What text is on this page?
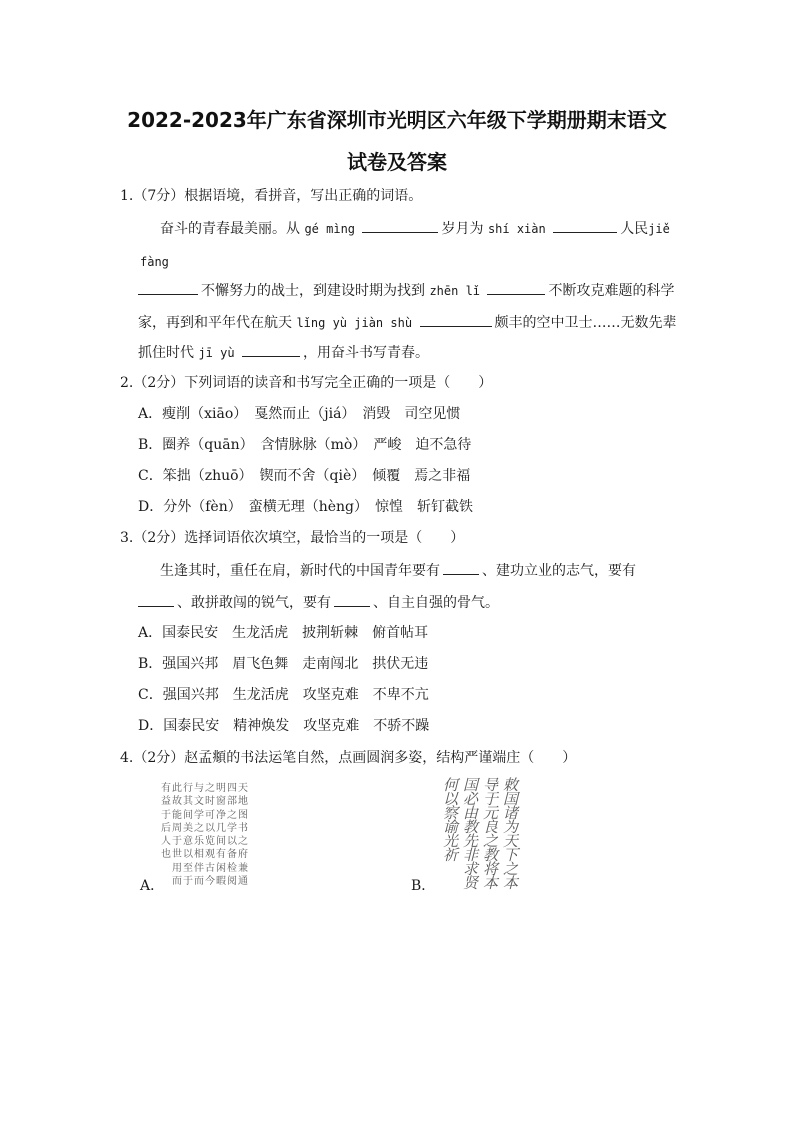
2022-2023年广东省深圳市光明区六年级下学期册期末语文
试卷及答案
1.（7分）根据语境，看拼音，写出正确的词语。
奋斗的青春最美丽。从 gé mìng	岁月为 shí xiàn	人民jiě
fàng
不懈努力的战士，到建设时期为找到 zhēn lǐ	不断攻克难题的科学
家，再到和平年代在航天 lǐng yù jiàn shù	颇丰的空中卫士……无数先辈
抓住时代 jī yù	，用奋斗书写青春。
2.（2分）下列词语的读音和书写完全正确的一项是（　　）
A．瘦削（xiāo）　戛然而止（jiá）　消毁　司空见惯
B．圈养（quān）　含情脉脉（mò）　严峻　迫不急待
C．笨拙（zhuō）　锲而不舍（qiè）　倾覆　焉之非福
D．分外（fèn）　蛮横无理（hèng）　惊惶　斩钉截铁
3.（2分）选择词语依次填空，最恰当的一项是（　　）
生逢其时，重任在肩，新时代的中国青年要有	、建功立业的志气，要有
、敢拼敢闯的锐气，要有	、自主自强的骨气。
A．国泰民安　生龙活虎　披荆斩棘　俯首帖耳
B．强国兴邦　眉飞色舞　走南闯北　拱伏无违
C．强国兴邦　生龙活虎　攻坚克难　不卑不亢
D．国泰民安　精神焕发　攻坚克难　不骄不躁
4.（2分）赵孟頫的书法运笔自然，点画圆润多姿，结构严谨端庄（　　）
A．
天
地
图
书
之
府
兼
通
四
部
之
学
以
备
检
阅
明
窗
净
几
间
有
闲
暇
之
时
可
以
览
观
古
今
与
文
学
之
乐
相
伴
而
行
其
间
美
意
以
至
于
此
故
能
周
于
世
用
而
有
益
于
后
人
也
B．
敕
国
诸
为
天
下
之
本
导
于
元
良
之
教
将
本
国
必
由
教
先
非
求
贤
何
以
察
谕
光
祈
